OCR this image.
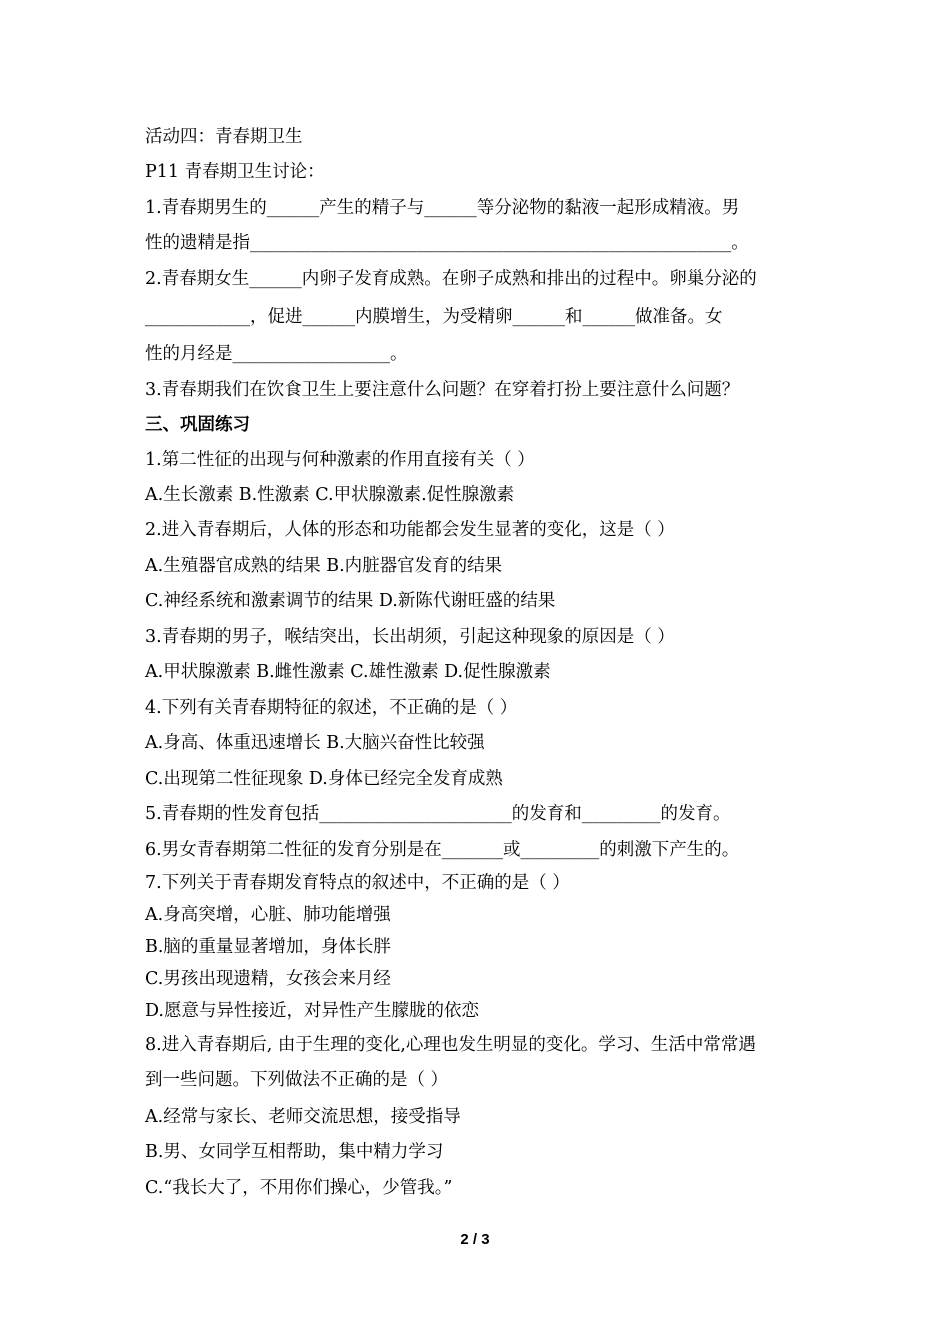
活动四：青春期卫生
P11 青春期卫生讨论：
1.青春期男生的______产生的精子与______等分泌物的黏液一起形成精液。男
性的遗精是指_______________________________________________________。
2.青春期女生______内卵子发育成熟。在卵子成熟和排出的过程中。卵巢分泌的
____________，促进______内膜增生，为受精卵______和______做准备。女
性的月经是__________________。
3.青春期我们在饮食卫生上要注意什么问题？在穿着打扮上要注意什么问题？
三、巩固练习
1.第二性征的出现与何种激素的作用直接有关（ ）
A.生长激素 B.性激素 C.甲状腺激素.促性腺激素
2.进入青春期后，人体的形态和功能都会发生显著的变化，这是（ ）
A.生殖器官成熟的结果 B.内脏器官发育的结果
C.神经系统和激素调节的结果 D.新陈代谢旺盛的结果
3.青春期的男子，喉结突出，长出胡须，引起这种现象的原因是（ ）
A.甲状腺激素 B.雌性激素 C.雄性激素 D.促性腺激素
4.下列有关青春期特征的叙述，不正确的是（ ）
A.身高、体重迅速增长 B.大脑兴奋性比较强
C.出现第二性征现象 D.身体已经完全发育成熟
5.青春期的性发育包括______________________的发育和_________的发育。
6.男女青春期第二性征的发育分别是在_______或_________的刺激下产生的。
7.下列关于青春期发育特点的叙述中，不正确的是（ ）
A.身高突增，心脏、肺功能增强
B.脑的重量显著增加，身体长胖
C.男孩出现遗精，女孩会来月经
D.愿意与异性接近，对异性产生朦胧的依恋
8.进入青春期后, 由于生理的变化,心理也发生明显的变化。学习、生活中常常遇
到一些问题。下列做法不正确的是（ ）
A.经常与家长、老师交流思想，接受指导
B.男、女同学互相帮助，集中精力学习
C.“我长大了，不用你们操心，少管我。”
2 / 3
